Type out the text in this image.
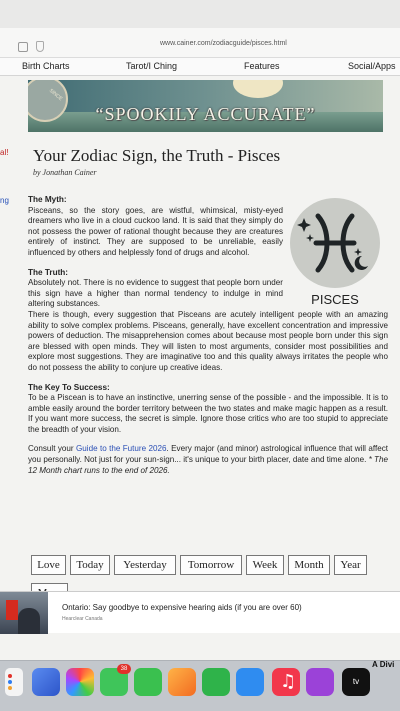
www.cainer.com/zodiacguide/pisces.html
Birth Charts	Tarot/I Ching	Features	Social/Apps
SINCE
“SPOOKILY ACCURATE”
al!
ng
Your Zodiac Sign, the Truth - Pisces
by Jonathan Cainer
PISCES
The Myth:

Pisceans, so the story goes, are wistful, whimsical, misty-eyed dreamers who live in a cloud cuckoo land. It is said that they simply do not possess the power of rational thought because they are creatures entirely of instinct. They are supposed to be unreliable, easily influenced by others and helplessly fond of drugs and alcohol.

The Truth:

Absolutely not. There is no evidence to suggest that people born under this sign have a higher than normal tendency to indulge in mind altering substances.

There is though, every suggestion that Pisceans are acutely intelligent people with an amazing ability to solve complex problems. Pisceans, generally, have excellent concentration and impressive powers of deduction. The misapprehension comes about because most people born under this sign are blessed with open minds. They will listen to most arguments, consider most possibilities and explore most suggestions. They are imaginative too and this quality always irritates the people who do not possess the ability to conjure up creative ideas.

The Key To Success:

To be a Piscean is to have an instinctive, unerring sense of the possible - and the impossible. It is to amble easily around the border territory between the two states and make magic happen as a result. If you want more success, the secret is simple. Ignore those critics who are too stupid to appreciate the breadth of your vision.

Consult your Guide to the Future 2026. Every major (and minor) astrological influence that will affect you personally. Not just for your sun-sign... it's unique to your birth placer, date and time alone. * The 12 Month chart runs to the end of 2026.

Love	Today	Yesterday	Tomorrow	Week	Month	Year
Ontario: Say goodbye to expensive hearing aids (if you are over 60)
Hearclear Canada
38
♫	tv
A Divi
